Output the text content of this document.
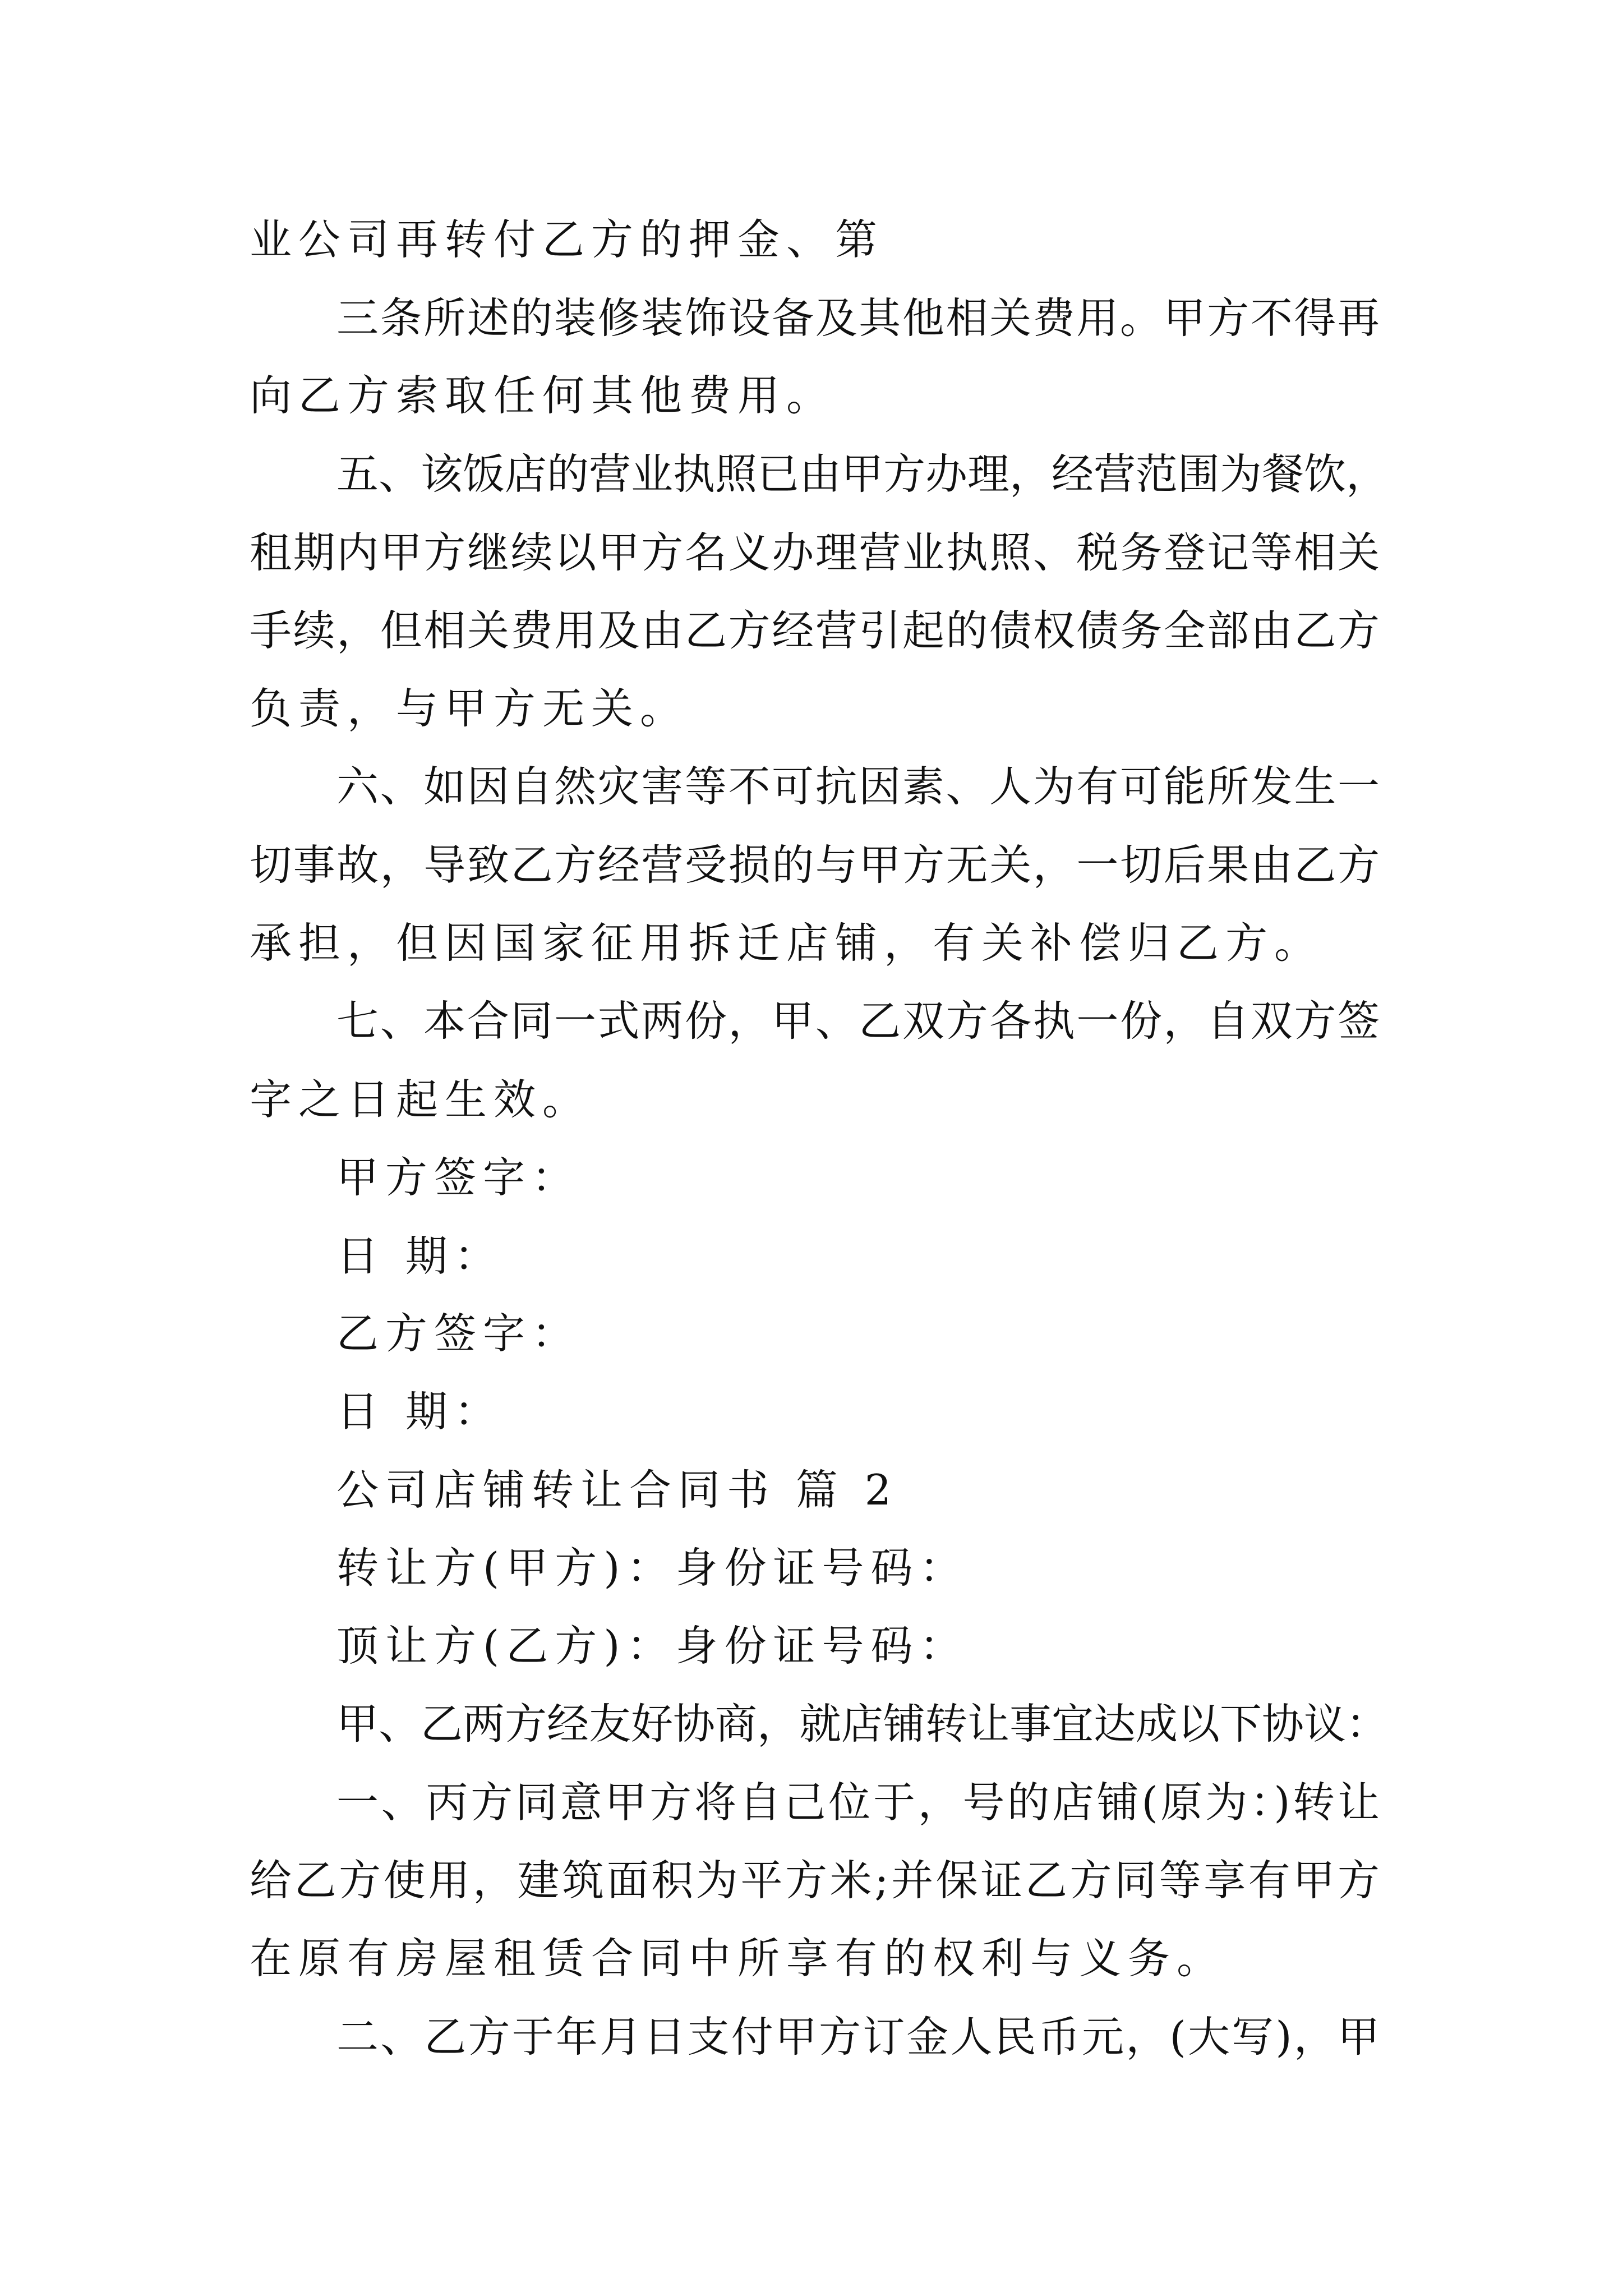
业公司再转付乙方的押金、第
三条所述的装修装饰设备及其他相关费用。甲方不得再
向乙方索取任何其他费用。
五、该饭店的营业执照已由甲方办理，经营范围为餐饮，
租期内甲方继续以甲方名义办理营业执照、税务登记等相关
手续，但相关费用及由乙方经营引起的债权债务全部由乙方
负责，与甲方无关。
六、如因自然灾害等不可抗因素、人为有可能所发生一
切事故，导致乙方经营受损的与甲方无关，一切后果由乙方
承担，但因国家征用拆迁店铺，有关补偿归乙方。
七、本合同一式两份，甲、乙双方各执一份，自双方签
字之日起生效。
甲方签字：
日 期：
乙方签字：
日 期：
公司店铺转让合同书 篇 2
转让方(甲方)：身份证号码：
顶让方(乙方)：身份证号码：
甲、乙两方经友好协商，就店铺转让事宜达成以下协议：
一、丙方同意甲方将自己位于，号的店铺(原为：)转让
给乙方使用，建筑面积为平方米;并保证乙方同等享有甲方
在原有房屋租赁合同中所享有的权利与义务。
二、乙方于年月日支付甲方订金人民币元，(大写)，甲
